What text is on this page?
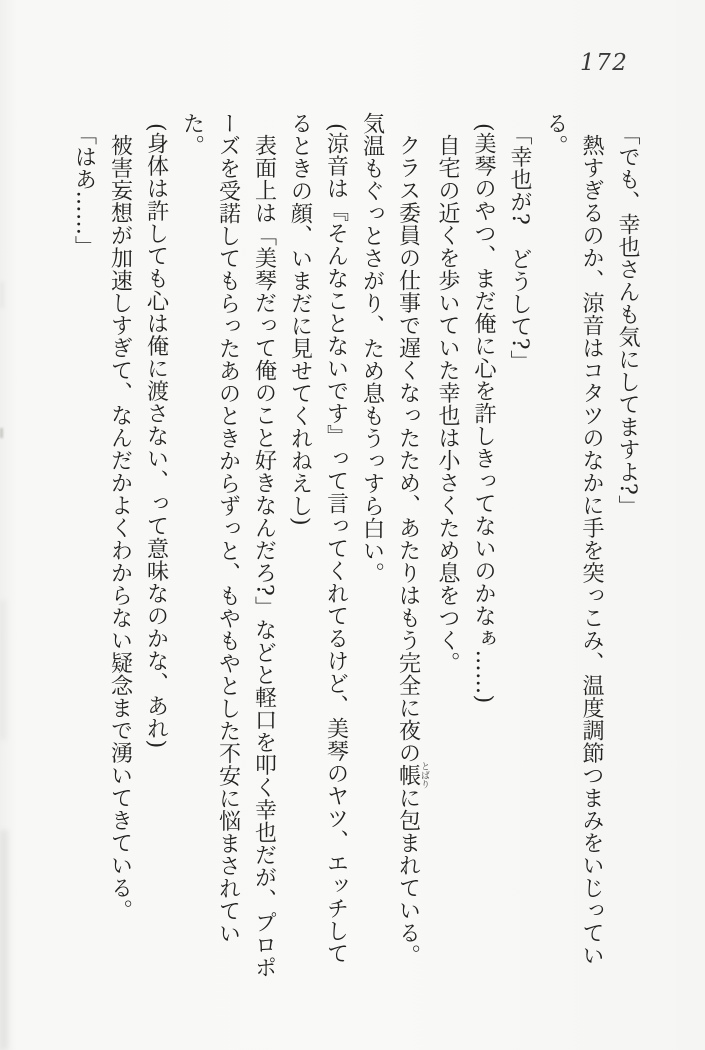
172

「でも、幸也さんも気にしてますよ?」

熱すぎるのか、涼音はコタツのなかに手を突っこみ、温度調節つまみをいじっている。

「幸也が?　どうして?」

(美琴のやつ、まだ俺に心を許しきってないのかなぁ……)

自宅の近くを歩いていた幸也は小さくため息をつく。

クラス委員の仕事で遅くなったため、あたりはもう完全に夜の帳とばりに包まれている。気温もぐっとさがり、ため息もうっすら白い。

(涼音は『そんなことないです』って言ってくれてるけど、美琴のヤツ、エッチしてるときの顔、いまだに見せてくれねえし)

表面上は「美琴だって俺のこと好きなんだろ?」などと軽口を叩く幸也だが、プロポーズを受諾してもらったあのときからずっと、もやもやとした不安に悩まされていた。

(身体は許しても心は俺に渡さない、って意味なのかな、あれ)

被害妄想が加速しすぎて、なんだかよくわからない疑念まで湧いてきている。

「はあ……」
